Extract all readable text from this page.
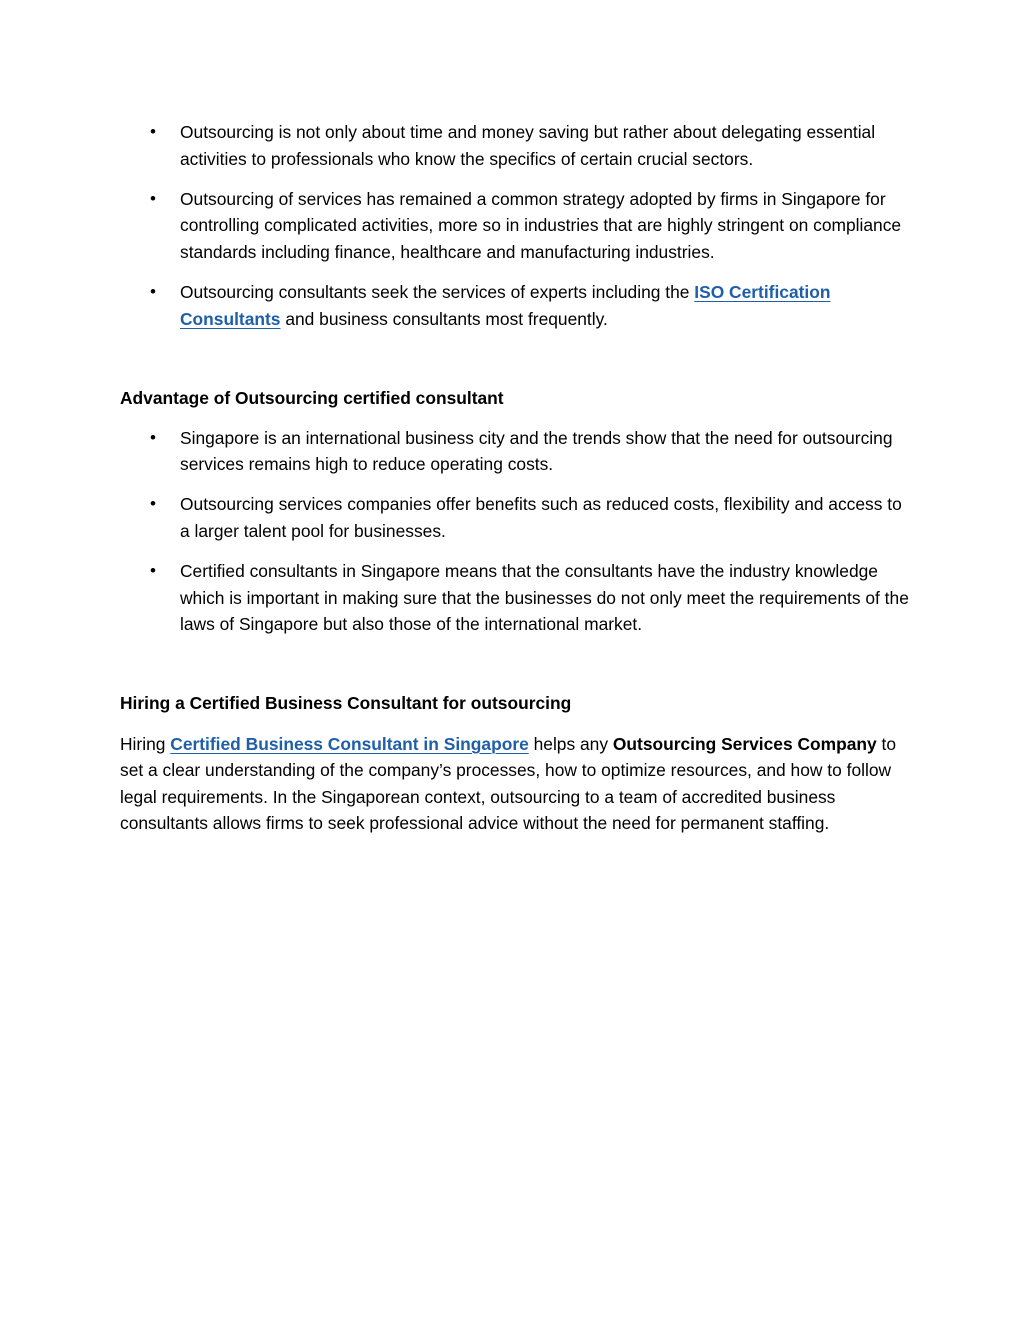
•	Outsourcing is not only about time and money saving but rather about delegating essential activities to professionals who know the specifics of certain crucial sectors.
•	Outsourcing of services has remained a common strategy adopted by firms in Singapore for controlling complicated activities, more so in industries that are highly stringent on compliance standards including finance, healthcare and manufacturing industries.
•	Outsourcing consultants seek the services of experts including the ISO Certification Consultants and business consultants most frequently.
Advantage of Outsourcing certified consultant
•	Singapore is an international business city and the trends show that the need for outsourcing services remains high to reduce operating costs.
•	Outsourcing services companies offer benefits such as reduced costs, flexibility and access to a larger talent pool for businesses.
•	Certified consultants in Singapore means that the consultants have the industry knowledge which is important in making sure that the businesses do not only meet the requirements of the laws of Singapore but also those of the international market.
Hiring a Certified Business Consultant for outsourcing

Hiring Certified Business Consultant in Singapore helps any Outsourcing Services Company to set a clear understanding of the company’s processes, how to optimize resources, and how to follow legal requirements. In the Singaporean context, outsourcing to a team of accredited business consultants allows firms to seek professional advice without the need for permanent staffing.
